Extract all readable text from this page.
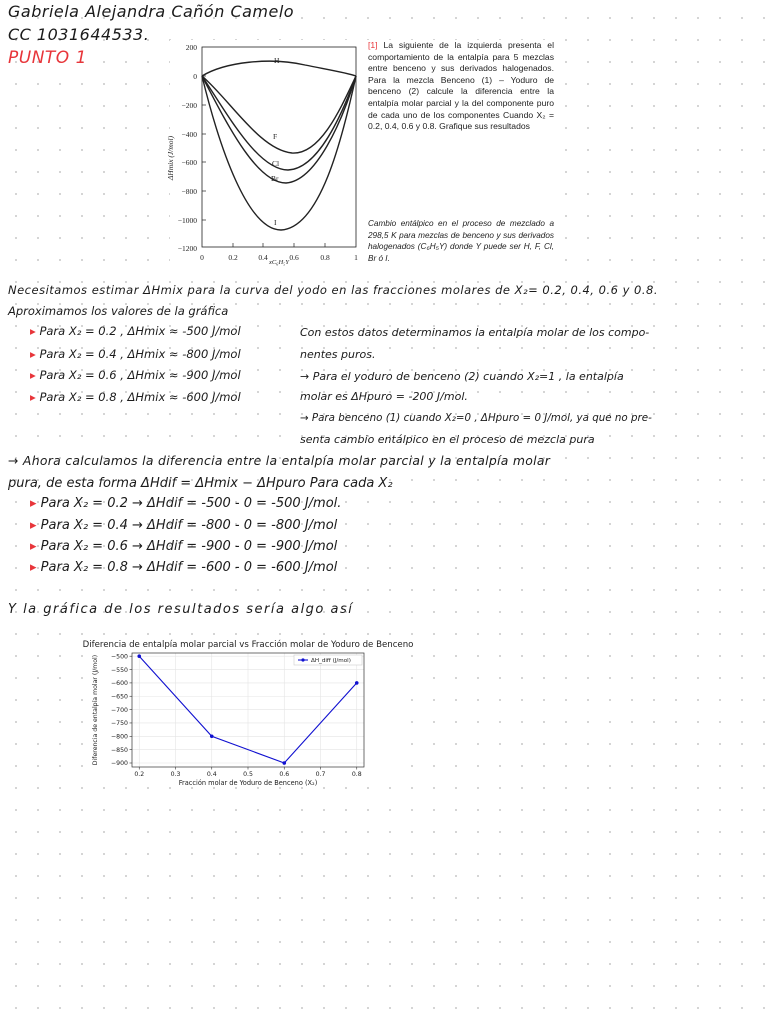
Gabriela Alejandra Cañón Camelo
CC 1031644533.
PUNTO 1
200
0
−200
−400
−600
−800
−1000
−1200
0	0.2	0.4	0.6	0.8	1
ΔHmix (J/mol)
xC₆H₅Y
H
F
Cl
Br
I
[1] La siguiente de la izquierda presenta el comportamiento de la entalpía para 5 mezclas entre benceno y sus derivados halogenados. Para la mezcla Benceno (1) – Yoduro de benceno (2) calcule la diferencia entre la entalpía molar parcial y la del componente puro de cada uno de los componentes Cuando X₂ = 0.2, 0.4, 0.6 y 0.8. Grafique sus resultados
Cambio entálpico en el proceso de mezclado a 298,5 K para mezclas de benceno y sus derivados halogenados (C₆H₅Y) donde Y puede ser H, F, Cl, Br ó I.
Necesitamos estimar ΔHmix para la curva del yodo en las fracciones molares de X₂= 0.2, 0.4, 0.6 y 0.8.
Aproximamos los valores de la gráfica
▸ Para X₂ = 0.2 , ΔHmix ≈ -500 J/mol
▸ Para X₂ = 0.4 , ΔHmix ≈ -800 J/mol
▸ Para X₂ = 0.6 , ΔHmix ≈ -900 J/mol
▸ Para X₂ = 0.8 , ΔHmix ≈ -600 J/mol
Con estos datos determinamos la entalpía molar de los compo-
nentes puros.
→ Para el yoduro de benceno (2) cuando X₂=1 , la entalpía
molar es ΔHpuro = -200 J/mol.
→ Para benceno (1) cuando X₂=0 , ΔHpuro = 0 J/mol, ya que no pre-
senta cambio entálpico en el proceso de mezcla pura
→ Ahora calculamos la diferencia entre la entalpía molar parcial y la entalpía molar
pura, de esta forma ΔHdif = ΔHmix − ΔHpuro Para cada X₂
▸ Para X₂ = 0.2 → ΔHdif = -500 - 0 = -500 J/mol.
▸ Para X₂ = 0.4 → ΔHdif = -800 - 0 = -800 J/mol
▸ Para X₂ = 0.6 → ΔHdif = -900 - 0 = -900 J/mol
▸ Para X₂ = 0.8 → ΔHdif = -600 - 0 = -600 J/mol
Y la gráfica de los resultados sería algo así
Diferencia de entalpía molar parcial vs Fracción molar de Yoduro de Benceno
−500
−550
−600
−650
−700
−750
−800
−850
−900
0.2	0.3	0.4	0.5	0.6	0.7	0.8
Fracción molar de Yoduro de Benceno (X₂)
Diferencia de entalpía molar (J/mol)	ΔH_diff (J/mol)
